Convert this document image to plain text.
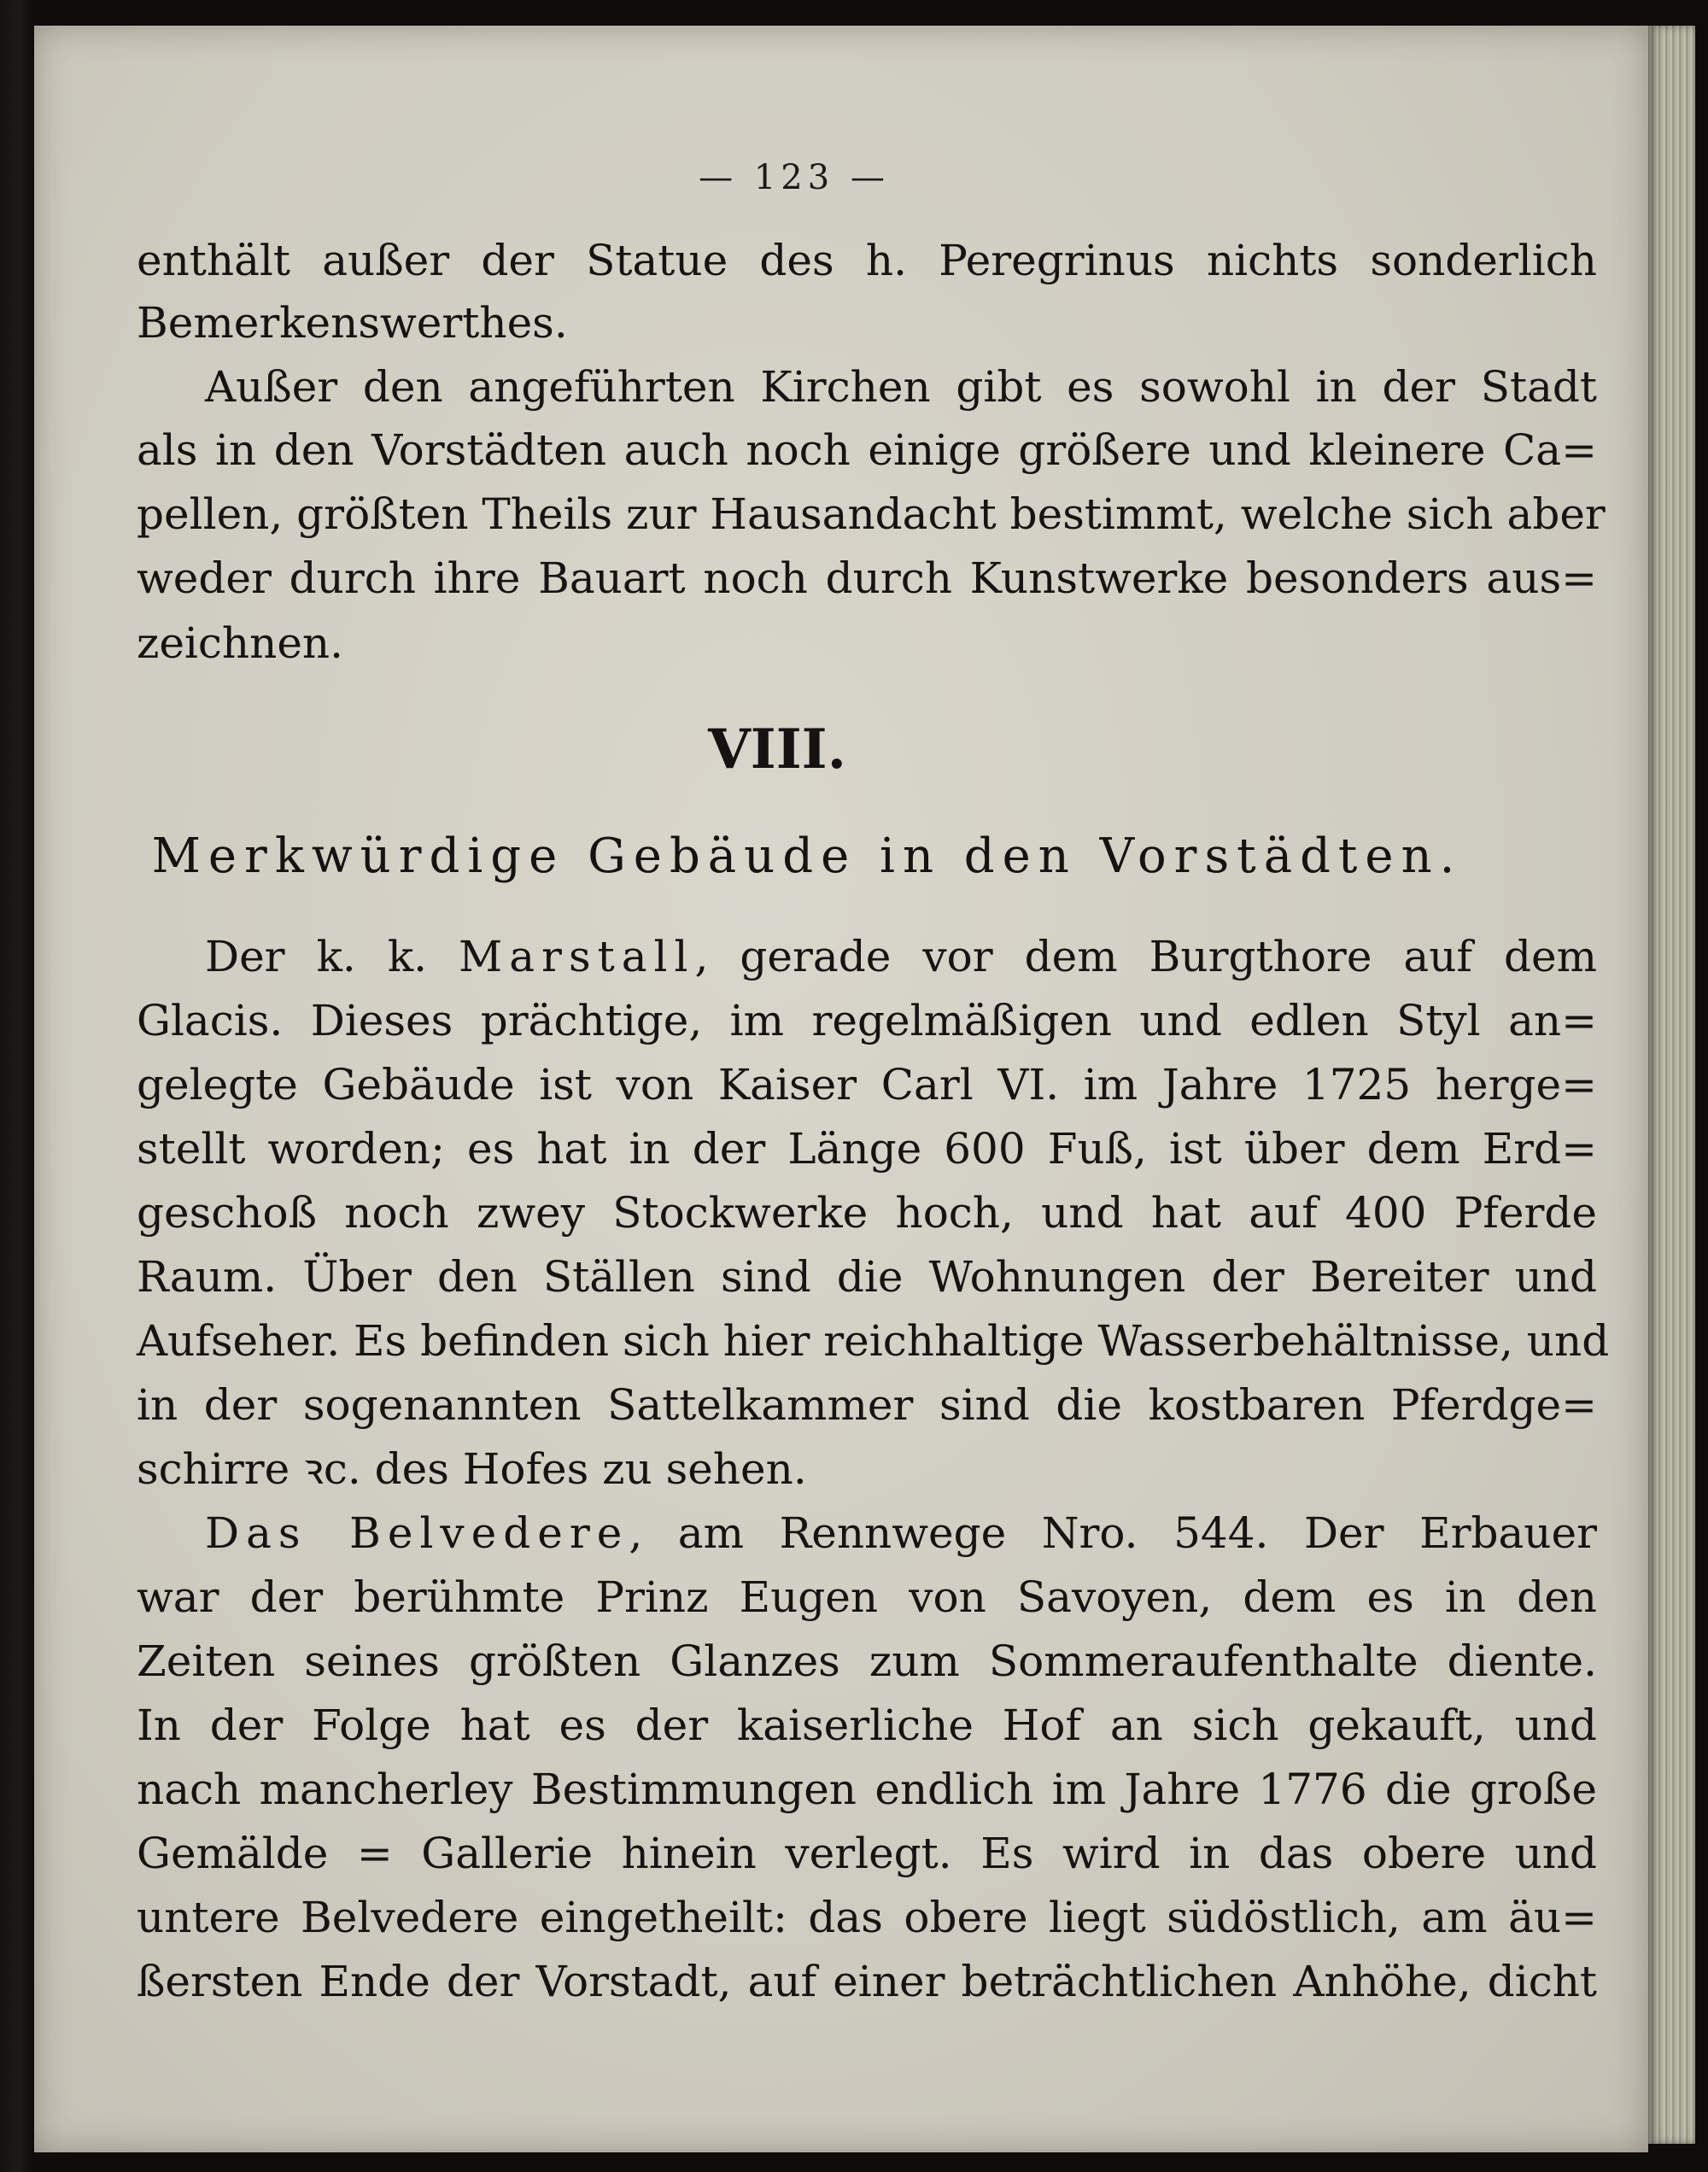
— 123 —
enthält außer der Statue des h. Peregrinus nichts sonderlich
Bemerkenswerthes.
Außer den angeführten Kirchen gibt es sowohl in der Stadt
als in den Vorstädten auch noch einige größere und kleinere Ca=
pellen, größten Theils zur Hausandacht bestimmt, welche sich aber
weder durch ihre Bauart noch durch Kunstwerke besonders aus=
zeichnen.
VIII.
Merkwürdige Gebäude in den Vorstädten.
Der k. k. Marstall, gerade vor dem Burgthore auf dem
Glacis. Dieses prächtige, im regelmäßigen und edlen Styl an=
gelegte Gebäude ist von Kaiser Carl VI. im Jahre 1725 herge=
stellt worden; es hat in der Länge 600 Fuß, ist über dem Erd=
geschoß noch zwey Stockwerke hoch, und hat auf 400 Pferde
Raum. Über den Ställen sind die Wohnungen der Bereiter und
Aufseher. Es befinden sich hier reichhaltige Wasserbehältnisse, und
in der sogenannten Sattelkammer sind die kostbaren Pferdge=
schirre ꝛc. des Hofes zu sehen.
Das Belvedere, am Rennwege Nro. 544. Der Erbauer
war der berühmte Prinz Eugen von Savoyen, dem es in den
Zeiten seines größten Glanzes zum Sommeraufenthalte diente.
In der Folge hat es der kaiserliche Hof an sich gekauft, und
nach mancherley Bestimmungen endlich im Jahre 1776 die große
Gemälde = Gallerie hinein verlegt. Es wird in das obere und
untere Belvedere eingetheilt: das obere liegt südöstlich, am äu=
ßersten Ende der Vorstadt, auf einer beträchtlichen Anhöhe, dicht
